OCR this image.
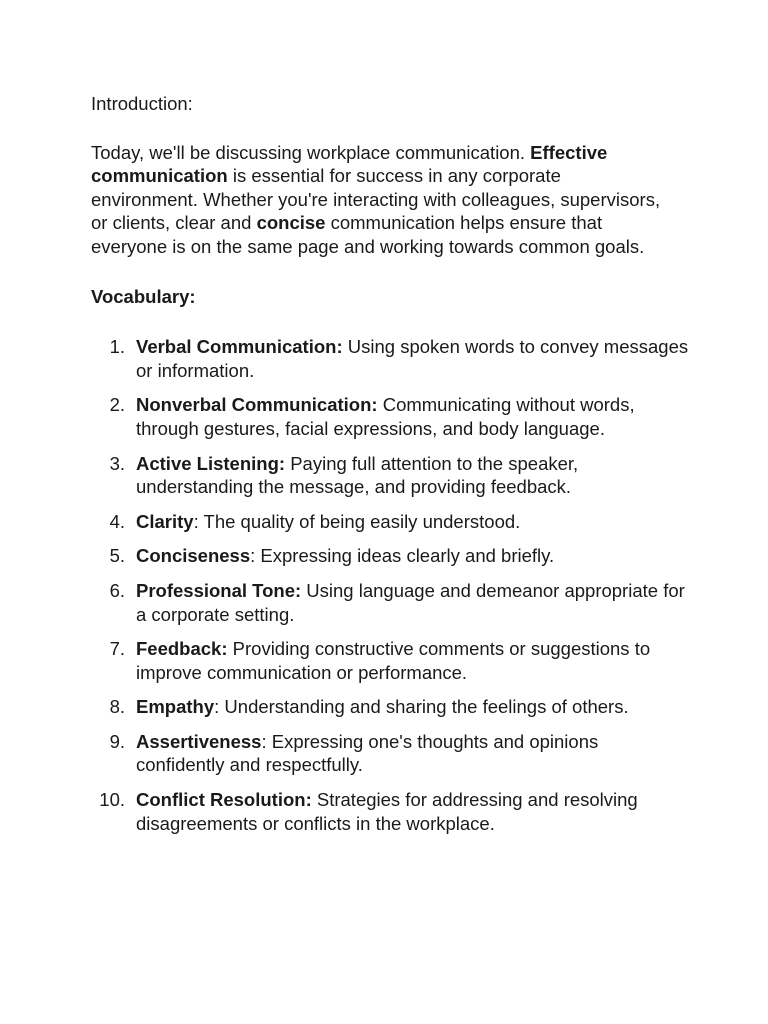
Introduction:

Today, we'll be discussing workplace communication. Effective communication is essential for success in any corporate environment. Whether you're interacting with colleagues, supervisors, or clients, clear and concise communication helps ensure that everyone is on the same page and working towards common goals.

Vocabulary:

1. Verbal Communication: Using spoken words to convey messages or information.
2. Nonverbal Communication: Communicating without words, through gestures, facial expressions, and body language.
3. Active Listening: Paying full attention to the speaker, understanding the message, and providing feedback.
4. Clarity: The quality of being easily understood.
5. Conciseness: Expressing ideas clearly and briefly.
6. Professional Tone: Using language and demeanor appropriate for a corporate setting.
7. Feedback: Providing constructive comments or suggestions to improve communication or performance.
8. Empathy: Understanding and sharing the feelings of others.
9. Assertiveness: Expressing one's thoughts and opinions confidently and respectfully.
10. Conflict Resolution: Strategies for addressing and resolving disagreements or conflicts in the workplace.
